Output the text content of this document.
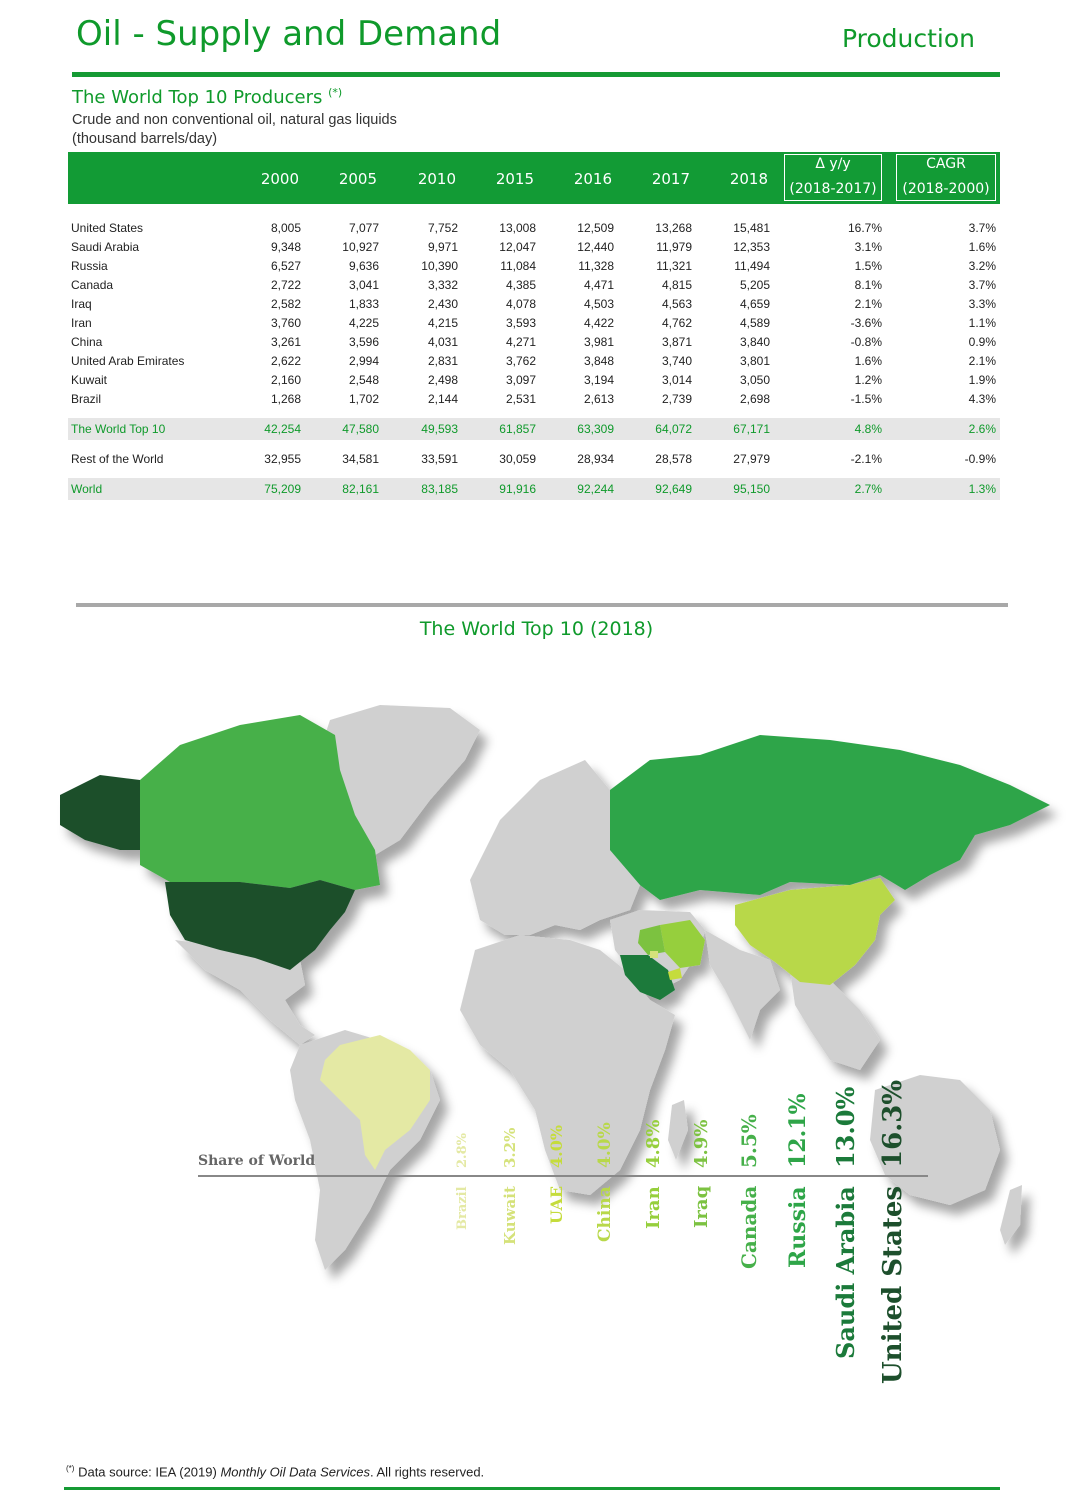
Oil - Supply and Demand	Production
The World Top 10 Producers (*)
Crude and non conventional oil, natural gas liquids
(thousand barrels/day)
2000	2005	2010	2015	2016	2017	2018
Δ y/y
(2018-2017)
CAGR
(2018-2000)
United States	8,005	7,077	7,752	13,008	12,509	13,268	15,481	16.7%	3.7%
Saudi Arabia	9,348	10,927	9,971	12,047	12,440	11,979	12,353	3.1%	1.6%
Russia	6,527	9,636	10,390	11,084	11,328	11,321	11,494	1.5%	3.2%
Canada	2,722	3,041	3,332	4,385	4,471	4,815	5,205	8.1%	3.7%
Iraq	2,582	1,833	2,430	4,078	4,503	4,563	4,659	2.1%	3.3%
Iran	3,760	4,225	4,215	3,593	4,422	4,762	4,589	-3.6%	1.1%
China	3,261	3,596	4,031	4,271	3,981	3,871	3,840	-0.8%	0.9%
United Arab Emirates	2,622	2,994	2,831	3,762	3,848	3,740	3,801	1.6%	2.1%
Kuwait	2,160	2,548	2,498	3,097	3,194	3,014	3,050	1.2%	1.9%
Brazil	1,268	1,702	2,144	2,531	2,613	2,739	2,698	-1.5%	4.3%
The World Top 10	42,254	47,580	49,593	61,857	63,309	64,072	67,171	4.8%	2.6%
Rest of the World	32,955	34,581	33,591	30,059	28,934	28,578	27,979	-2.1%	-0.9%
World	75,209	82,161	83,185	91,916	92,244	92,649	95,150	2.7%	1.3%
The World Top 10 (2018)
Share of World	2.8%
Brazil
3.2%
Kuwait
4.0%
UAE
4.0%
China
4.8%
Iran
4.9%
Iraq
5.5%
Canada
12.1%
Russia
13.0%
Saudi Arabia
16.3%
United States
(*) Data source: IEA (2019) Monthly Oil Data Services. All rights reserved.
